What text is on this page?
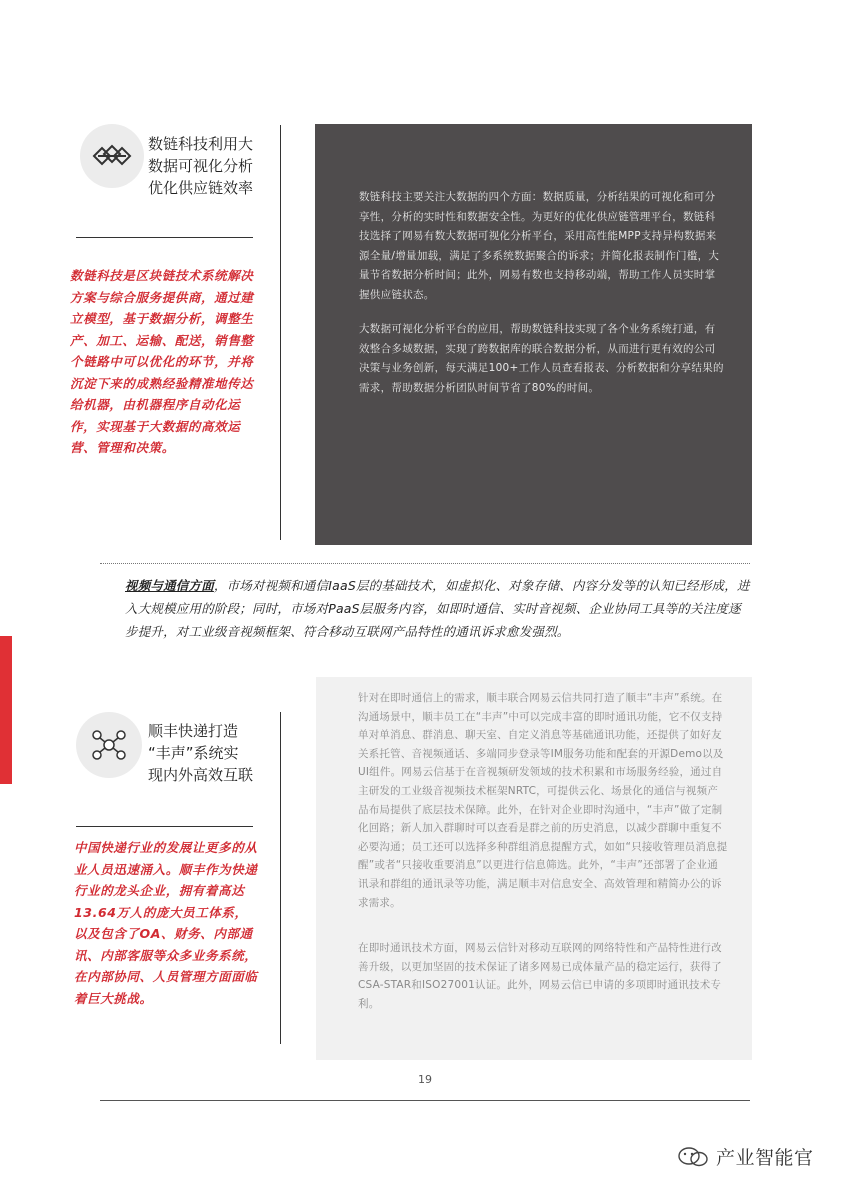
数链科技利用大
数据可视化分析
优化供应链效率
数链科技是区块链技术系统解决方案与综合服务提供商，通过建立模型，基于数据分析，调整生产、加工、运输、配送，销售整个链路中可以优化的环节，并将沉淀下来的成熟经验精准地传达给机器，由机器程序自动化运作，实现基于大数据的高效运营、管理和决策。

数链科技主要关注大数据的四个方面：数据质量，分析结果的可视化和可分享性，分析的实时性和数据安全性。为更好的优化供应链管理平台，数链科技选择了网易有数大数据可视化分析平台，采用高性能MPP支持异构数据来源全量/增量加载，满足了多系统数据聚合的诉求；并简化报表制作门槛，大量节省数据分析时间；此外，网易有数也支持移动端，帮助工作人员实时掌握供应链状态。

大数据可视化分析平台的应用，帮助数链科技实现了各个业务系统打通，有效整合多域数据，实现了跨数据库的联合数据分析，从而进行更有效的公司决策与业务创新，每天满足100+工作人员查看报表、分析数据和分享结果的需求，帮助数据分析团队时间节省了80%的时间。

视频与通信方面，市场对视频和通信IaaS层的基础技术，如虚拟化、对象存储、内容分发等的认知已经形成，进入大规模应用的阶段；同时，市场对PaaS层服务内容，如即时通信、实时音视频、企业协同工具等的关注度逐步提升，对工业级音视频框架、符合移动互联网产品特性的通讯诉求愈发强烈。
顺丰快递打造
“丰声”系统实
现内外高效互联
中国快递行业的发展让更多的从业人员迅速涌入。顺丰作为快递行业的龙头企业，拥有着高达13.64万人的庞大员工体系，以及包含了OA、财务、内部通讯、内部客服等众多业务系统，在内部协同、人员管理方面面临着巨大挑战。

针对在即时通信上的需求，顺丰联合网易云信共同打造了顺丰“丰声”系统。在沟通场景中，顺丰员工在“丰声”中可以完成丰富的即时通讯功能，它不仅支持单对单消息、群消息、聊天室、自定义消息等基础通讯功能，还提供了如好友关系托管、音视频通话、多端同步登录等IM服务功能和配套的开源Demo以及UI组件。网易云信基于在音视频研发领域的技术积累和市场服务经验，通过自主研发的工业级音视频技术框架NRTC，可提供云化、场景化的通信与视频产品布局提供了底层技术保障。此外，在针对企业即时沟通中，“丰声”做了定制化回路；新人加入群聊时可以查看是群之前的历史消息，以减少群聊中重复不必要沟通；员工还可以选择多种群组消息提醒方式，如如“只接收管理员消息提醒”或者“只接收重要消息”以更进行信息筛选。此外，“丰声”还部署了企业通讯录和群组的通讯录等功能，满足顺丰对信息安全、高效管理和精简办公的诉求需求。

在即时通讯技术方面，网易云信针对移动互联网的网络特性和产品特性进行改善升级，以更加坚固的技术保证了诸多网易已成体量产品的稳定运行，获得了CSA-STAR和ISO27001认证。此外，网易云信已申请的多项即时通讯技术专利。

19
产业智能官
